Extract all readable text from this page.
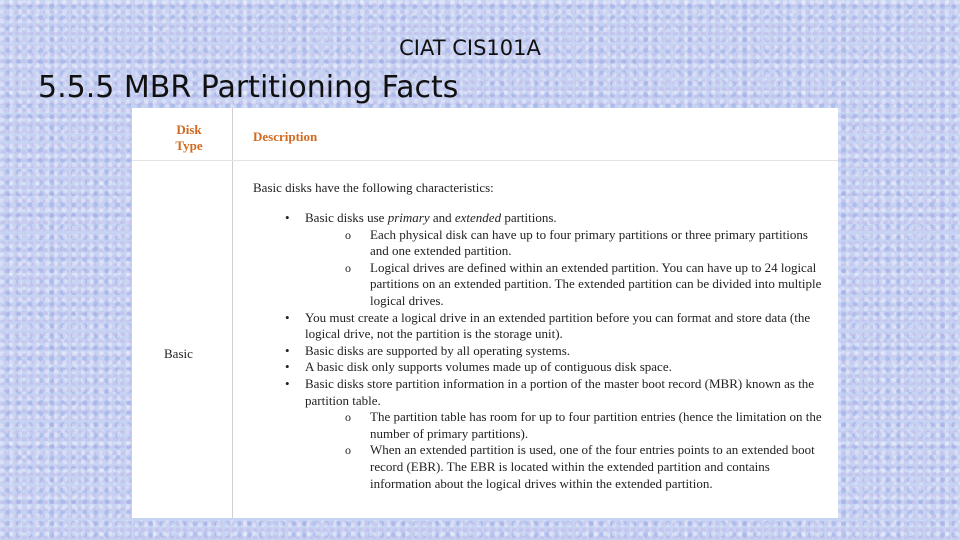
CIAT CIS101A
5.5.5 MBR Partitioning Facts
Disk Type
Description
Basic

Basic disks have the following characteristics:

• Basic disks use primary and extended partitions.
o Each physical disk can have up to four primary partitions or three primary partitions and one extended partition.
o Logical drives are defined within an extended partition. You can have up to 24 logical partitions on an extended partition. The extended partition can be divided into multiple logical drives.
• You must create a logical drive in an extended partition before you can format and store data (the logical drive, not the partition is the storage unit).
• Basic disks are supported by all operating systems.
• A basic disk only supports volumes made up of contiguous disk space.
• Basic disks store partition information in a portion of the master boot record (MBR) known as the partition table.
o The partition table has room for up to four partition entries (hence the limitation on the number of primary partitions).
o When an extended partition is used, one of the four entries points to an extended boot record (EBR). The EBR is located within the extended partition and contains information about the logical drives within the extended partition.
